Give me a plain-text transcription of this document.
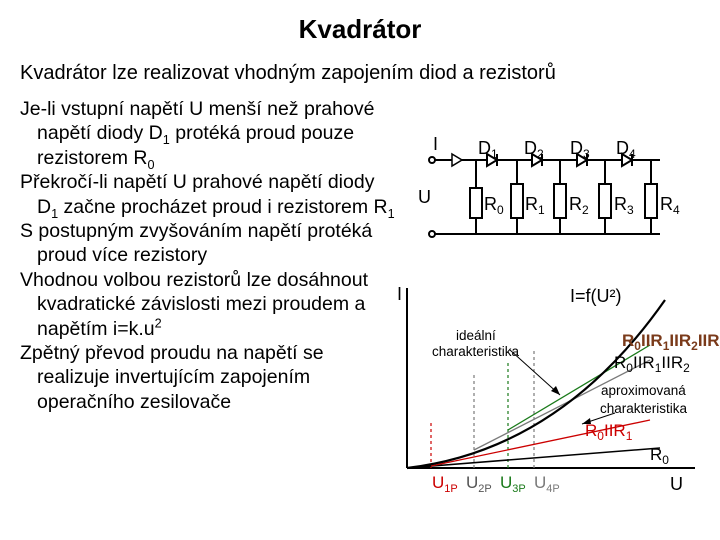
Kvadrátor
Kvadrátor lze realizovat vhodným zapojením diod a rezistorů

Je-li vstupní napětí U menší než prahové napětí diody $D_1$ protéká proud pouze rezistorem $R_0$

Překročí-li napětí U prahové napětí diody $D_1$ začne procházet proud i rezistorem $R_1$

S postupným zvyšováním napětí protéká proud více rezistory

Vhodnou volbou rezistorů lze dosáhnout kvadratické závislosti mezi proudem a napětím $i=k.u^2$

Zpětný převod proudu na napětí se realizuje invertujícím zapojením operačního zesilovače

I
U
$D_1$ $D_2$ $D_3$ $D_4$
$R_0$ $R_1$ $R_2$ $R_3$ $R_4$
I
U
I=f(U²)
ideální
charakteristika
aproximovaná
charakteristika
$R_0IIR_1IIR_2IIR$
$R_0IIR_1IIR_2$
$R_0IIR_1$
$R_0$
$U_{1P}$ $U_{2P}$ $U_{3P}$ $U_{4P}$
